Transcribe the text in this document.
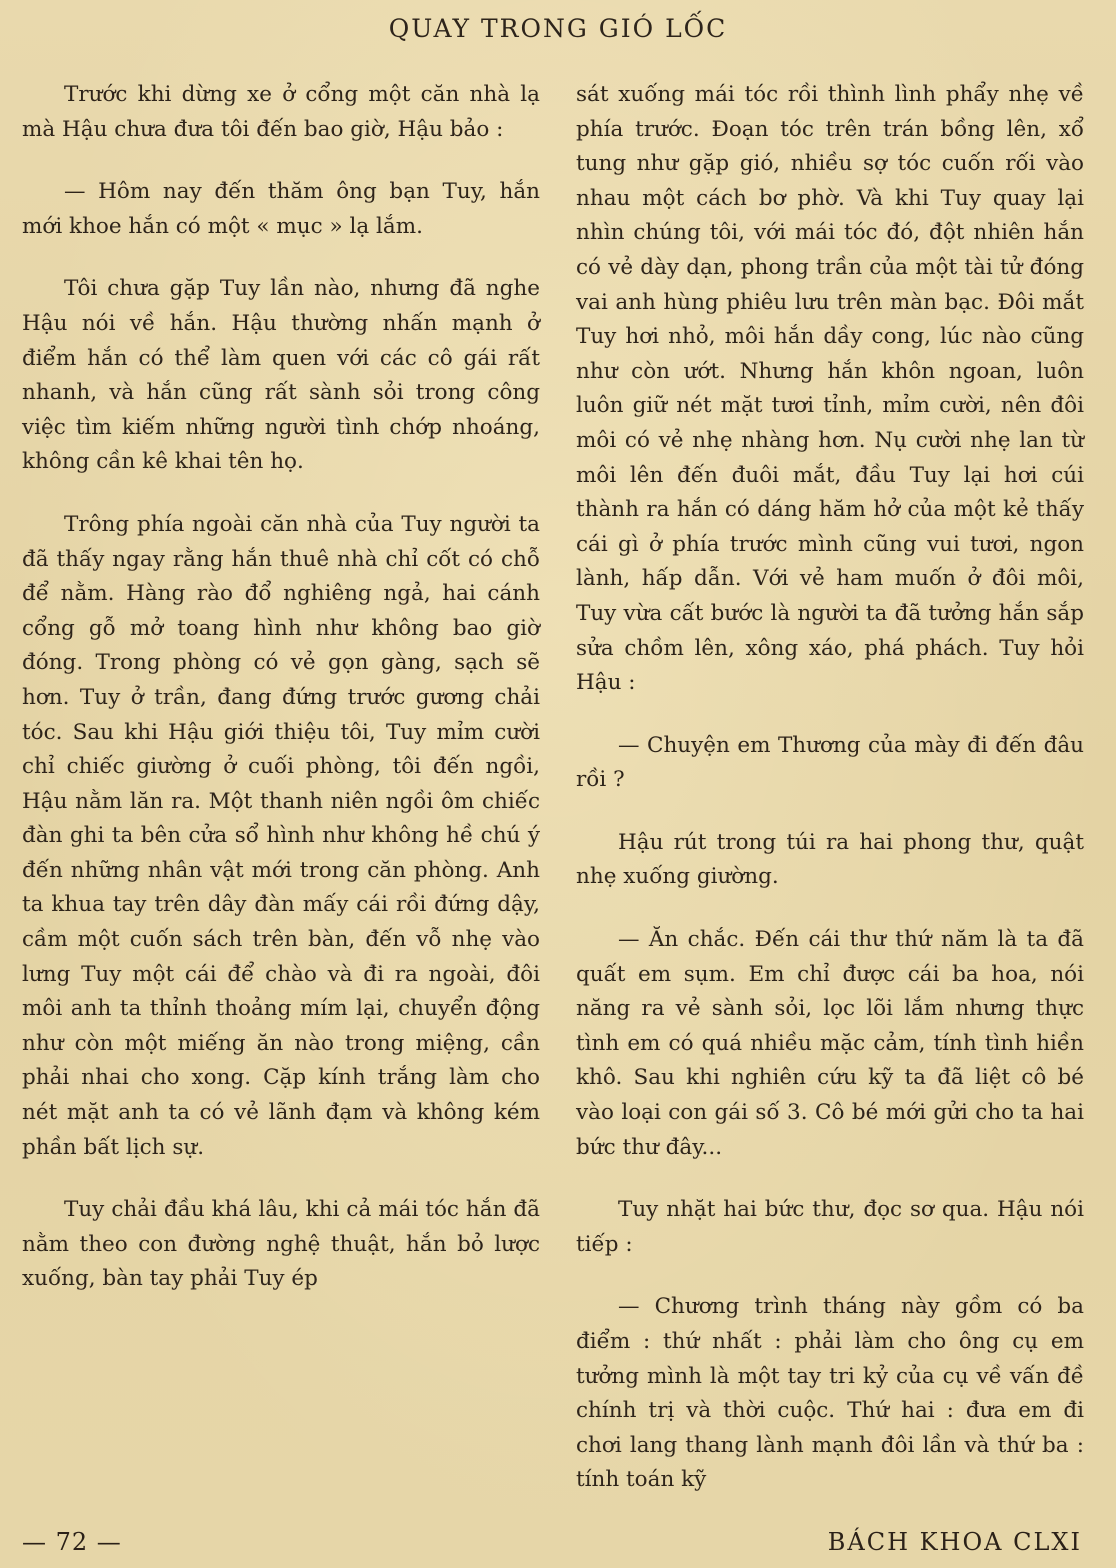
QUAY TRONG GIÓ LỐC

Trước khi dừng xe ở cổng một căn nhà lạ mà Hậu chưa đưa tôi đến bao giờ, Hậu bảo :

— Hôm nay đến thăm ông bạn Tuy, hắn mới khoe hắn có một « mục » lạ lắm.

Tôi chưa gặp Tuy lần nào, nhưng đã nghe Hậu nói về hắn. Hậu thường nhấn mạnh ở điểm hắn có thể làm quen với các cô gái rất nhanh, và hắn cũng rất sành sỏi trong công việc tìm kiếm những người tình chớp nhoáng, không cần kê khai tên họ.

Trông phía ngoài căn nhà của Tuy người ta đã thấy ngay rằng hắn thuê nhà chỉ cốt có chỗ để nằm. Hàng rào đổ nghiêng ngả, hai cánh cổng gỗ mở toang hình như không bao giờ đóng. Trong phòng có vẻ gọn gàng, sạch sẽ hơn. Tuy ở trần, đang đứng trước gương chải tóc. Sau khi Hậu giới thiệu tôi, Tuy mỉm cười chỉ chiếc giường ở cuối phòng, tôi đến ngồi, Hậu nằm lăn ra. Một thanh niên ngồi ôm chiếc đàn ghi ta bên cửa sổ hình như không hề chú ý đến những nhân vật mới trong căn phòng. Anh ta khua tay trên dây đàn mấy cái rồi đứng dậy, cầm một cuốn sách trên bàn, đến vỗ nhẹ vào lưng Tuy một cái để chào và đi ra ngoài, đôi môi anh ta thỉnh thoảng mím lại, chuyển động như còn một miếng ăn nào trong miệng, cần phải nhai cho xong. Cặp kính trắng làm cho nét mặt anh ta có vẻ lãnh đạm và không kém phần bất lịch sự.

Tuy chải đầu khá lâu, khi cả mái tóc hắn đã nằm theo con đường nghệ thuật, hắn bỏ lược xuống, bàn tay phải Tuy ép

sát xuống mái tóc rồi thình lình phẩy nhẹ về phía trước. Đoạn tóc trên trán bồng lên, xổ tung như gặp gió, nhiều sợ tóc cuốn rối vào nhau một cách bơ phờ. Và khi Tuy quay lại nhìn chúng tôi, với mái tóc đó, đột nhiên hắn có vẻ dày dạn, phong trần của một tài tử đóng vai anh hùng phiêu lưu trên màn bạc. Đôi mắt Tuy hơi nhỏ, môi hắn dầy cong, lúc nào cũng như còn ướt. Nhưng hắn khôn ngoan, luôn luôn giữ nét mặt tươi tỉnh, mỉm cười, nên đôi môi có vẻ nhẹ nhàng hơn. Nụ cười nhẹ lan từ môi lên đến đuôi mắt, đầu Tuy lại hơi cúi thành ra hắn có dáng hăm hở của một kẻ thấy cái gì ở phía trước mình cũng vui tươi, ngon lành, hấp dẫn. Với vẻ ham muốn ở đôi môi, Tuy vừa cất bước là người ta đã tưởng hắn sắp sửa chồm lên, xông xáo, phá phách. Tuy hỏi Hậu :

— Chuyện em Thương của mày đi đến đâu rồi ?

Hậu rút trong túi ra hai phong thư, quật nhẹ xuống giường.

— Ăn chắc. Đến cái thư thứ năm là ta đã quất em sụm. Em chỉ được cái ba hoa, nói năng ra vẻ sành sỏi, lọc lõi lắm nhưng thực tình em có quá nhiều mặc cảm, tính tình hiền khô. Sau khi nghiên cứu kỹ ta đã liệt cô bé vào loại con gái số 3. Cô bé mới gửi cho ta hai bức thư đây...

Tuy nhặt hai bức thư, đọc sơ qua. Hậu nói tiếp :

— Chương trình tháng này gồm có ba điểm : thứ nhất : phải làm cho ông cụ em tưởng mình là một tay tri kỷ của cụ về vấn đề chính trị và thời cuộc. Thứ hai : đưa em đi chơi lang thang lành mạnh đôi lần và thứ ba : tính toán kỹ

— 72 —	BÁCH KHOA CLXI
